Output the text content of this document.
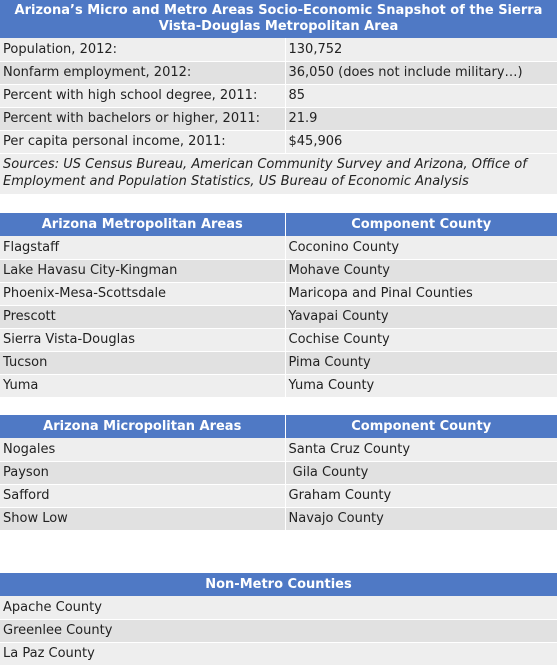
Arizona’s Micro and Metro Areas Socio-Economic Snapshot of the Sierra Vista-Douglas Metropolitan Area	
Population, 2012:	130,752
Nonfarm employment, 2012:	36,050 (does not include military…)
Percent with high school degree, 2011:	85
Percent with bachelors or higher, 2011:	21.9
Per capita personal income, 2011:	$45,906
Sources: US Census Bureau, American Community Survey and Arizona, Office of Employment and Population Statistics, US Bureau of Economic Analysis	
Arizona Metropolitan Areas	Component County
Flagstaff	Coconino County
Lake Havasu City-Kingman	Mohave County
Phoenix-Mesa-Scottsdale	Maricopa and Pinal Counties
Prescott	Yavapai County
Sierra Vista-Douglas	Cochise County
Tucson	Pima County
Yuma	Yuma County
Arizona Micropolitan Areas	Component County
Nogales	Santa Cruz County
Payson	Gila County
Safford	Graham County
Show Low	Navajo County
Non-Metro Counties
Apache County
Greenlee County
La Paz County
